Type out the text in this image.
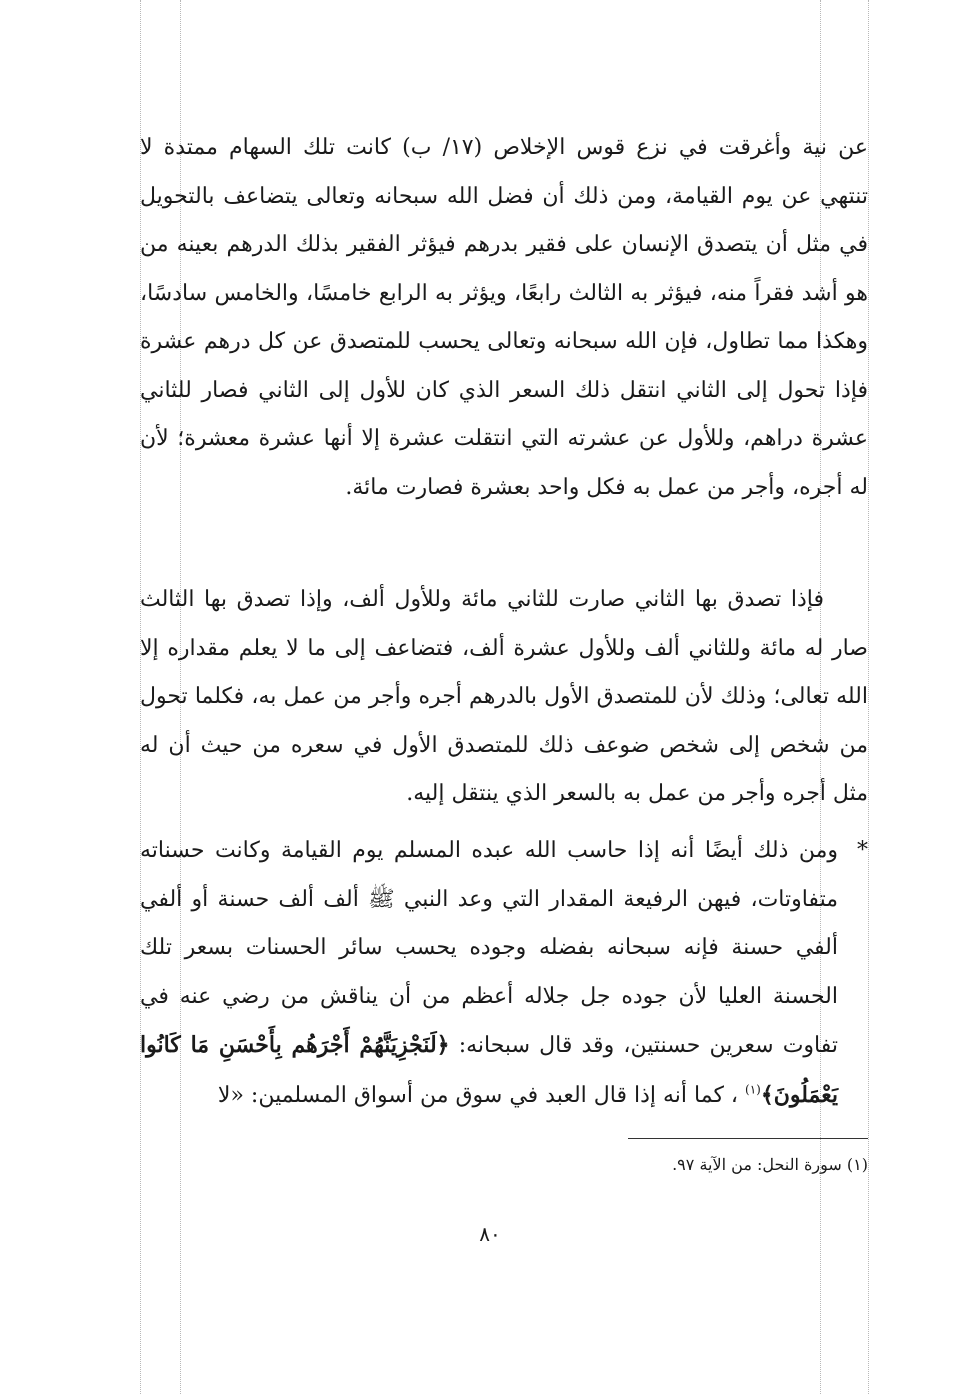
عن نية وأغرقت في نزع قوس الإخلاص (١٧/ ب) كانت تلك السهام ممتدة لا تنتهي عن يوم القيامة، ومن ذلك أن فضل الله سبحانه وتعالى يتضاعف بالتحويل في مثل أن يتصدق الإنسان على فقير بدرهم فيؤثر الفقير بذلك الدرهم بعينه من هو أشد فقراً منه، فيؤثر به الثالث رابعًا، ويؤثر به الرابع خامسًا، والخامس سادسًا، وهكذا مما تطاول، فإن الله سبحانه وتعالى يحسب للمتصدق عن كل درهم عشرة فإذا تحول إلى الثاني انتقل ذلك السعر الذي كان للأول إلى الثاني فصار للثاني عشرة دراهم، وللأول عن عشرته التي انتقلت عشرة إلا أنها عشرة معشرة؛ لأن له أجره، وأجر من عمل به فكل واحد بعشرة فصارت مائة.

فإذا تصدق بها الثاني صارت للثاني مائة وللأول ألف، وإذا تصدق بها الثالث صار له مائة وللثاني ألف وللأول عشرة ألف، فتضاعف إلى ما لا يعلم مقداره إلا الله تعالى؛ وذلك لأن للمتصدق الأول بالدرهم أجره وأجر من عمل به، فكلما تحول من شخص إلى شخص ضوعف ذلك للمتصدق الأول في سعره من حيث أن له مثل أجره وأجر من عمل به بالسعر الذي ينتقل إليه.

*
ومن ذلك أيضًا أنه إذا حاسب الله عبده المسلم يوم القيامة وكانت حسناته متفاوتات، فيهن الرفيعة المقدار التي وعد النبي ﷺ ألف ألف حسنة أو ألفي ألفي حسنة فإنه سبحانه بفضله وجوده يحسب سائر الحسنات بسعر تلك الحسنة العليا لأن جوده جل جلاله أعظم من أن يناقش من رضي عنه في تفاوت سعرين حسنتين، وقد قال سبحانه: ﴿لَنَجْزِيَنَّهُمْ أَجْرَهُم بِأَحْسَنِ مَا كَانُوا يَعْمَلُونَ﴾$^{(١)}$ ، كما أنه إذا قال العبد في سوق من أسواق المسلمين: «لا
(١) سورة النحل: من الآية ٩٧.
٨٠
